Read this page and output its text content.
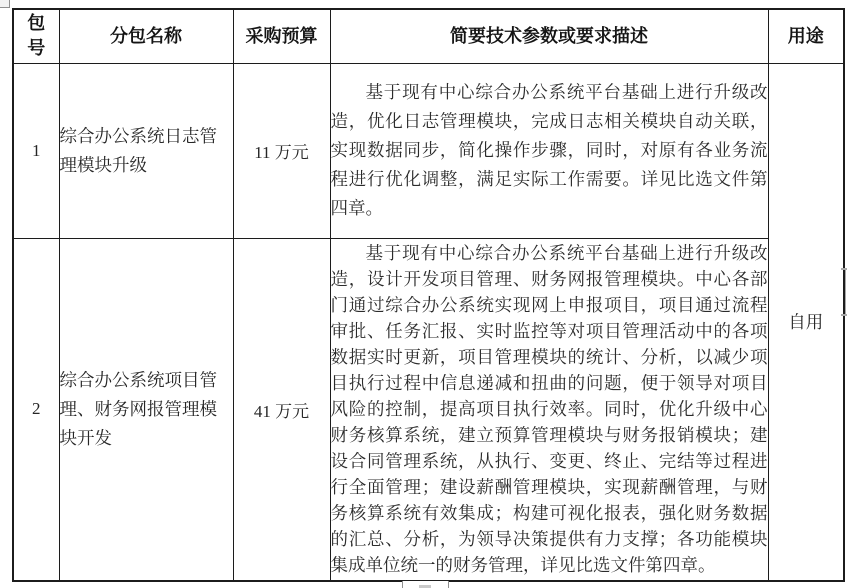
包号	分包名称	采购预算	简要技术参数或要求描述	用途
1	综合办公系统日志管理模块升级	11 万元	基于现有中心综合办公系统平台基础上进行升级改造，优化日志管理模块，完成日志相关模块自动关联，实现数据同步，简化操作步骤，同时，对原有各业务流程进行优化调整，满足实际工作需要。详见比选文件第四章。	自用
2	综合办公系统项目管理、财务网报管理模块开发	41 万元	基于现有中心综合办公系统平台基础上进行升级改造，设计开发项目管理、财务网报管理模块。中心各部门通过综合办公系统实现网上申报项目，项目通过流程审批、任务汇报、实时监控等对项目管理活动中的各项数据实时更新，项目管理模块的统计、分析，以减少项目执行过程中信息递减和扭曲的问题，便于领导对项目风险的控制，提高项目执行效率。同时，优化升级中心财务核算系统，建立预算管理模块与财务报销模块；建设合同管理系统，从执行、变更、终止、完结等过程进行全面管理；建设薪酬管理模块，实现薪酬管理，与财务核算系统有效集成；构建可视化报表，强化财务数据的汇总、分析，为领导决策提供有力支撑；各功能模块集成单位统一的财务管理，详见比选文件第四章。	
